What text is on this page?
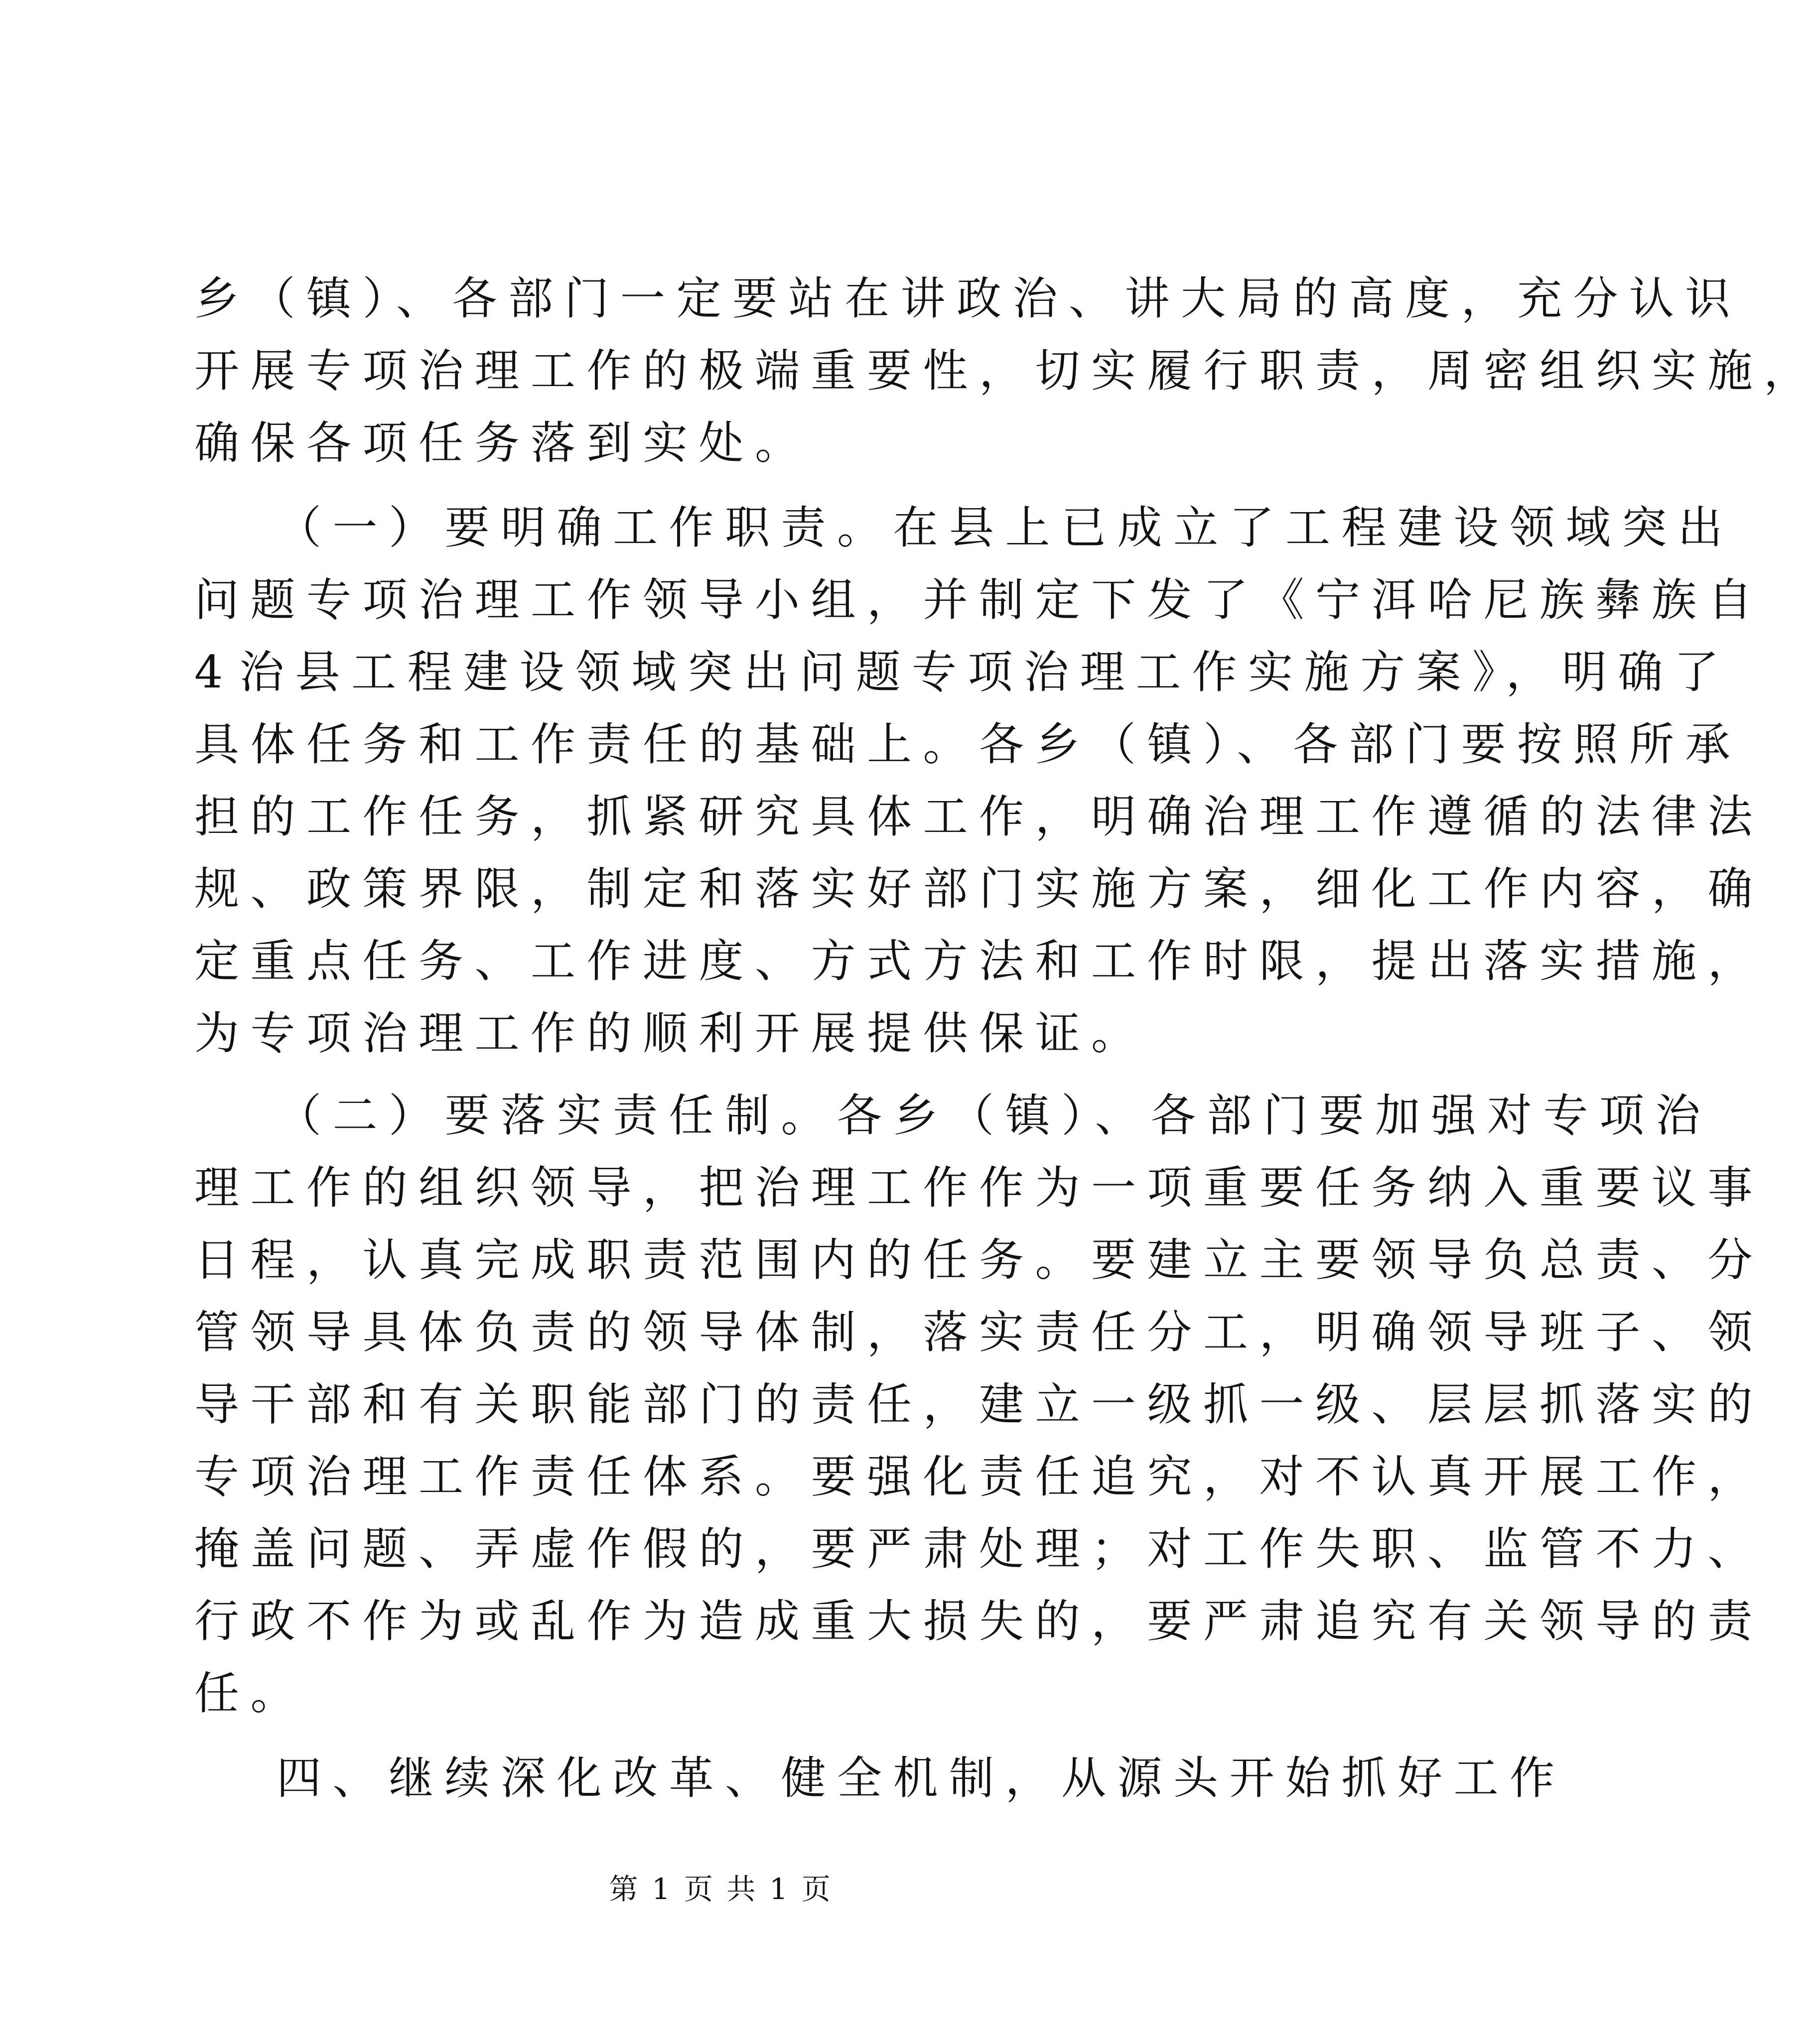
乡（镇）、各部门一定要站在讲政治、讲大局的高度，充分认识
开展专项治理工作的极端重要性，切实履行职责，周密组织实施，
确保各项任务落到实处。
（一）要明确工作职责。在县上已成立了工程建设领域突出
问题专项治理工作领导小组，并制定下发了《宁洱哈尼族彝族自
4 治县工程建设领域突出问题专项治理工作实施方案》，明确了
具体任务和工作责任的基础上。各乡（镇）、各部门要按照所承
担的工作任务，抓紧研究具体工作，明确治理工作遵循的法律法
规、政策界限，制定和落实好部门实施方案，细化工作内容，确
定重点任务、工作进度、方式方法和工作时限，提出落实措施，
为专项治理工作的顺利开展提供保证。
（二）要落实责任制。各乡（镇）、各部门要加强对专项治
理工作的组织领导，把治理工作作为一项重要任务纳入重要议事
日程，认真完成职责范围内的任务。要建立主要领导负总责、分
管领导具体负责的领导体制，落实责任分工，明确领导班子、领
导干部和有关职能部门的责任，建立一级抓一级、层层抓落实的
专项治理工作责任体系。要强化责任追究，对不认真开展工作，
掩盖问题、弄虚作假的，要严肃处理；对工作失职、监管不力、
行政不作为或乱作为造成重大损失的，要严肃追究有关领导的责
任。
四、继续深化改革、健全机制，从源头开始抓好工作
第 1 页 共 1 页
